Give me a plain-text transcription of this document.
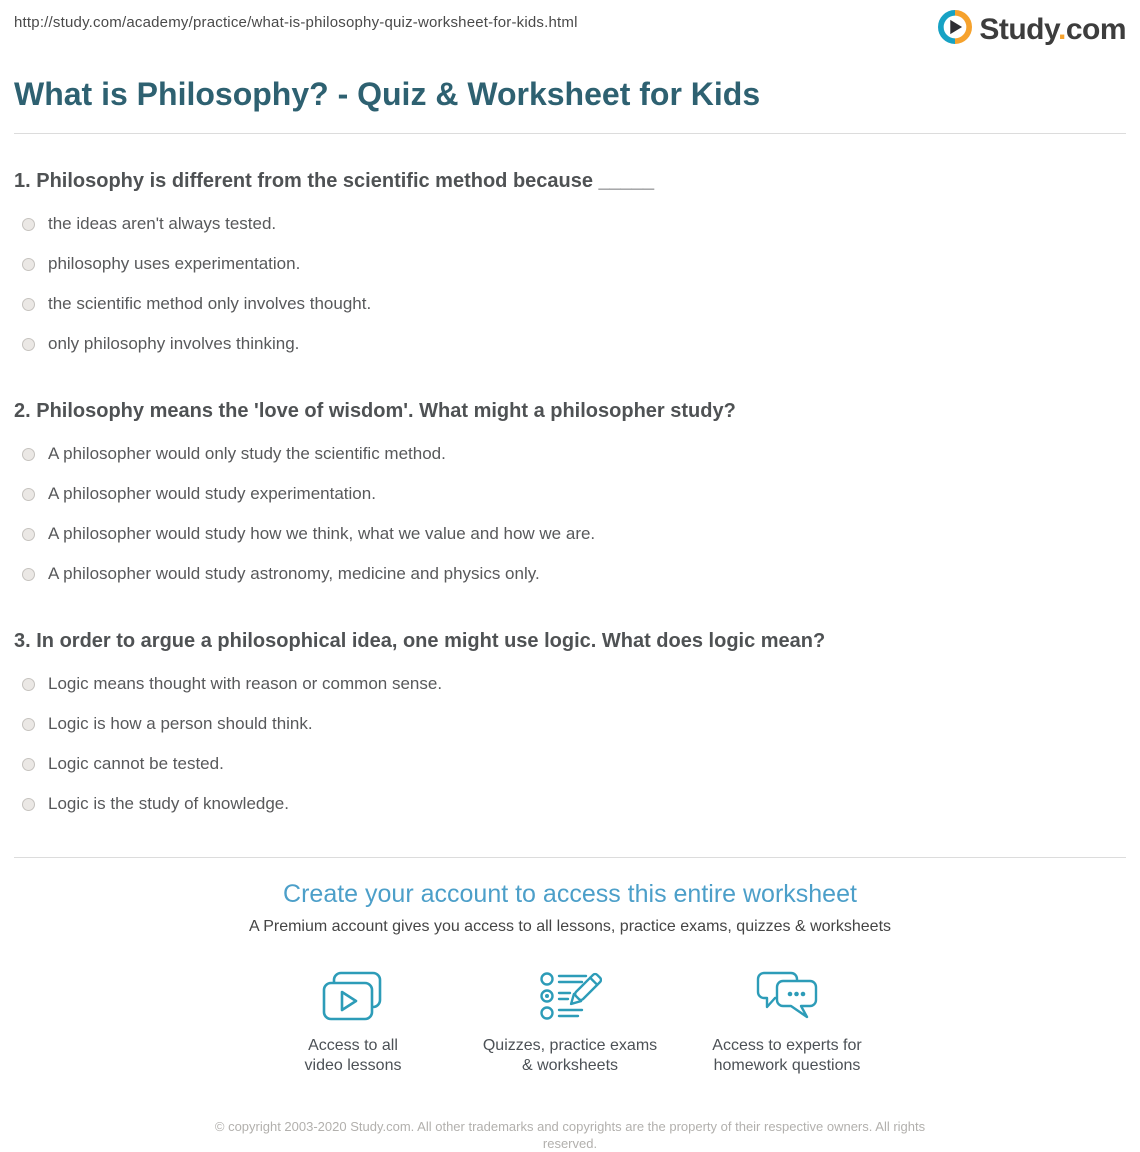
http://study.com/academy/practice/what-is-philosophy-quiz-worksheet-for-kids.html	Study.com
What is Philosophy? - Quiz & Worksheet for Kids
1. Philosophy is different from the scientific method because _____
the ideas aren't always tested.
philosophy uses experimentation.
the scientific method only involves thought.
only philosophy involves thinking.
2. Philosophy means the 'love of wisdom'. What might a philosopher study?
A philosopher would only study the scientific method.
A philosopher would study experimentation.
A philosopher would study how we think, what we value and how we are.
A philosopher would study astronomy, medicine and physics only.
3. In order to argue a philosophical idea, one might use logic. What does logic mean?
Logic means thought with reason or common sense.
Logic is how a person should think.
Logic cannot be tested.
Logic is the study of knowledge.
Create your account to access this entire worksheet

A Premium account gives you access to all lessons, practice exams, quizzes & worksheets

Access to all
video lessons
Quizzes, practice exams
& worksheets
Access to experts for
homework questions

© copyright 2003-2020 Study.com. All other trademarks and copyrights are the property of their respective owners. All rights reserved.
